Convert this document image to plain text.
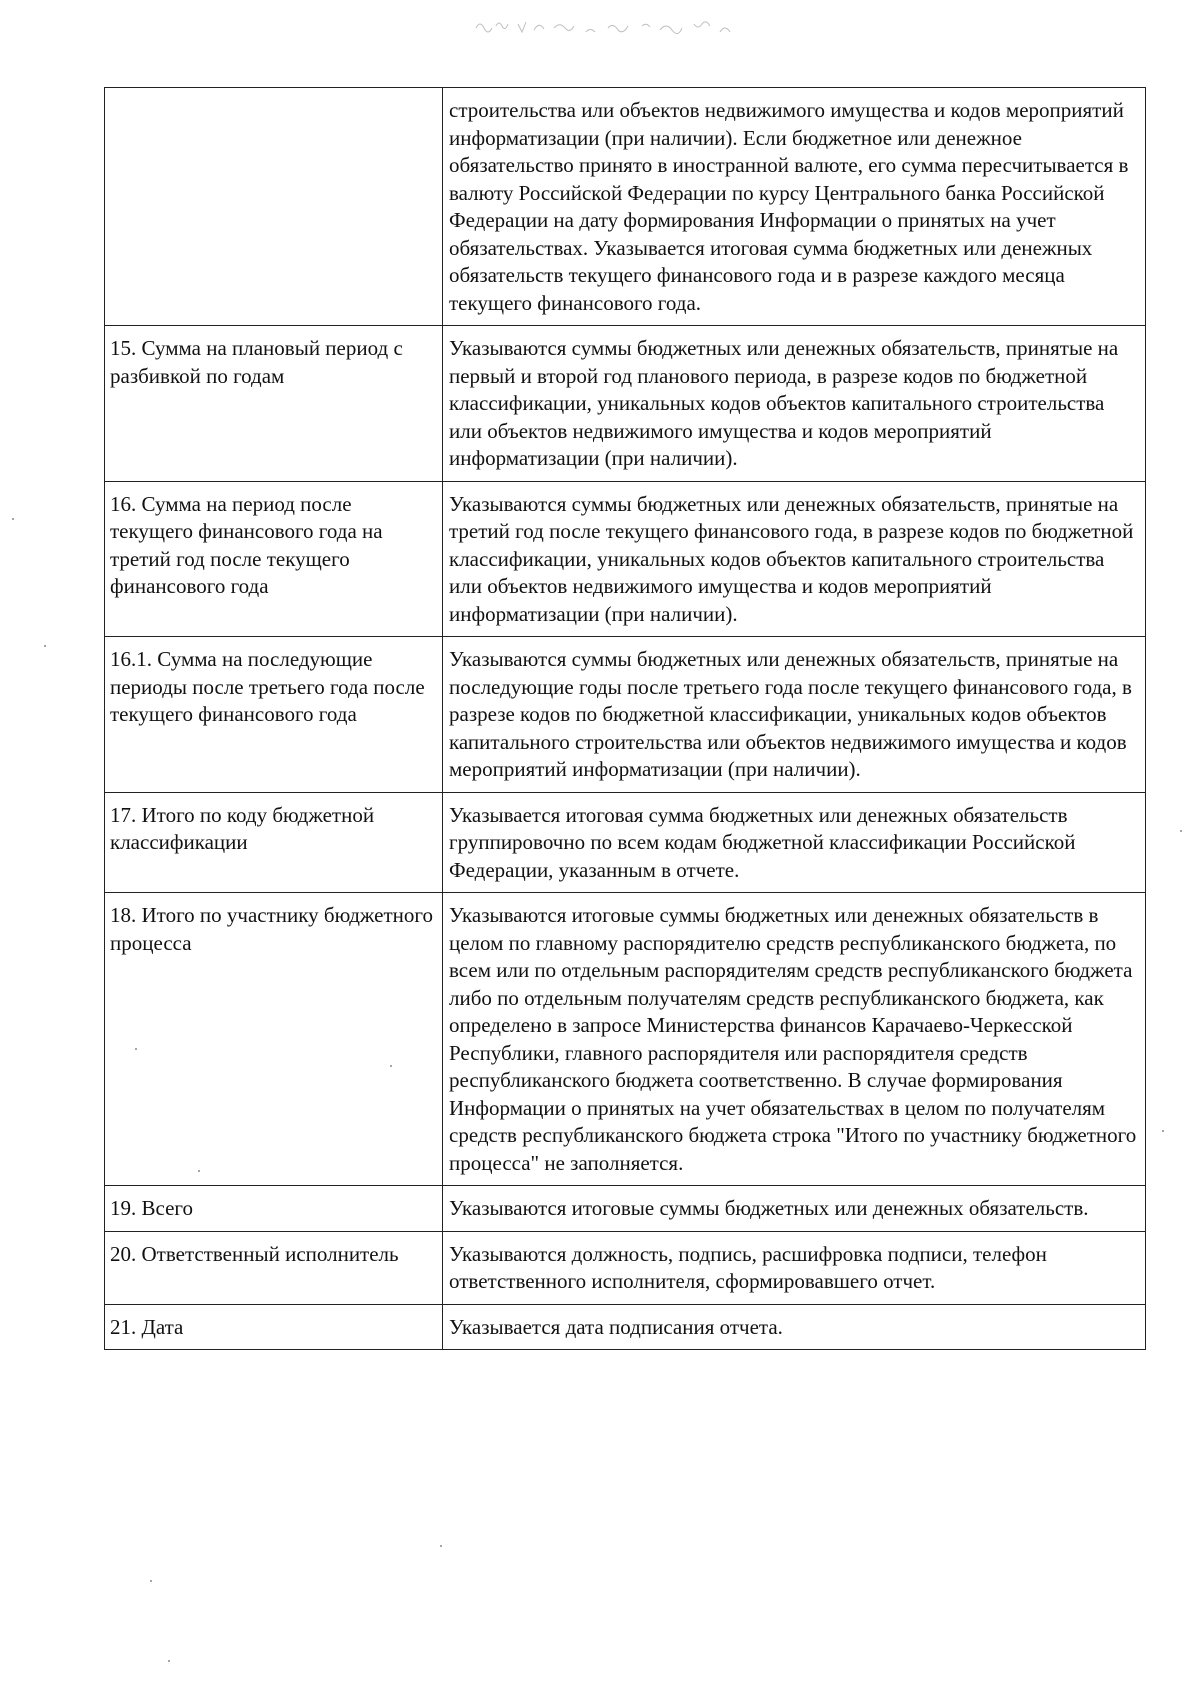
	строительства или объектов недвижимого имущества и кодов мероприятий информатизации (при наличии). Если бюджетное или денежное обязательство принято в иностранной валюте, его сумма пересчитывается в валюту Российской Федерации по курсу Центрального банка Российской Федерации на дату формирования Информации о принятых на учет обязательствах. Указывается итоговая сумма бюджетных или денежных обязательств текущего финансового года и в разрезе каждого месяца текущего финансового года.
15. Сумма на плановый период с разбивкой по годам	Указываются суммы бюджетных или денежных обязательств, принятые на первый и второй год планового периода, в разрезе кодов по бюджетной классификации, уникальных кодов объектов капитального строительства или объектов недвижимого имущества и кодов мероприятий информатизации (при наличии).
16. Сумма на период после текущего финансового года на третий год после текущего финансового года	Указываются суммы бюджетных или денежных обязательств, принятые на третий год после текущего финансового года, в разрезе кодов по бюджетной классификации, уникальных кодов объектов капитального строительства или объектов недвижимого имущества и кодов мероприятий информатизации (при наличии).
16.1. Сумма на последующие периоды после третьего года после текущего финансового года	Указываются суммы бюджетных или денежных обязательств, принятые на последующие годы после третьего года после текущего финансового года, в разрезе кодов по бюджетной классификации, уникальных кодов объектов капитального строительства или объектов недвижимого имущества и кодов мероприятий информатизации (при наличии).
17. Итого по коду бюджетной классификации	Указывается итоговая сумма бюджетных или денежных обязательств группировочно по всем кодам бюджетной классификации Российской Федерации, указанным в отчете.
18. Итого по участнику бюджетного процесса	Указываются итоговые суммы бюджетных или денежных обязательств в целом по главному распорядителю средств республиканского бюджета, по всем или по отдельным распорядителям средств республиканского бюджета либо по отдельным получателям средств республиканского бюджета, как определено в запросе Министерства финансов Карачаево-Черкесской Республики, главного распорядителя или распорядителя средств республиканского бюджета соответственно. В случае формирования Информации о принятых на учет обязательствах в целом по получателям средств республиканского бюджета строка "Итого по участнику бюджетного процесса" не заполняется.
19. Всего	Указываются итоговые суммы бюджетных или денежных обязательств.
20. Ответственный исполнитель	Указываются должность, подпись, расшифровка подписи, телефон ответственного исполнителя, сформировавшего отчет.
21. Дата	Указывается дата подписания отчета.
